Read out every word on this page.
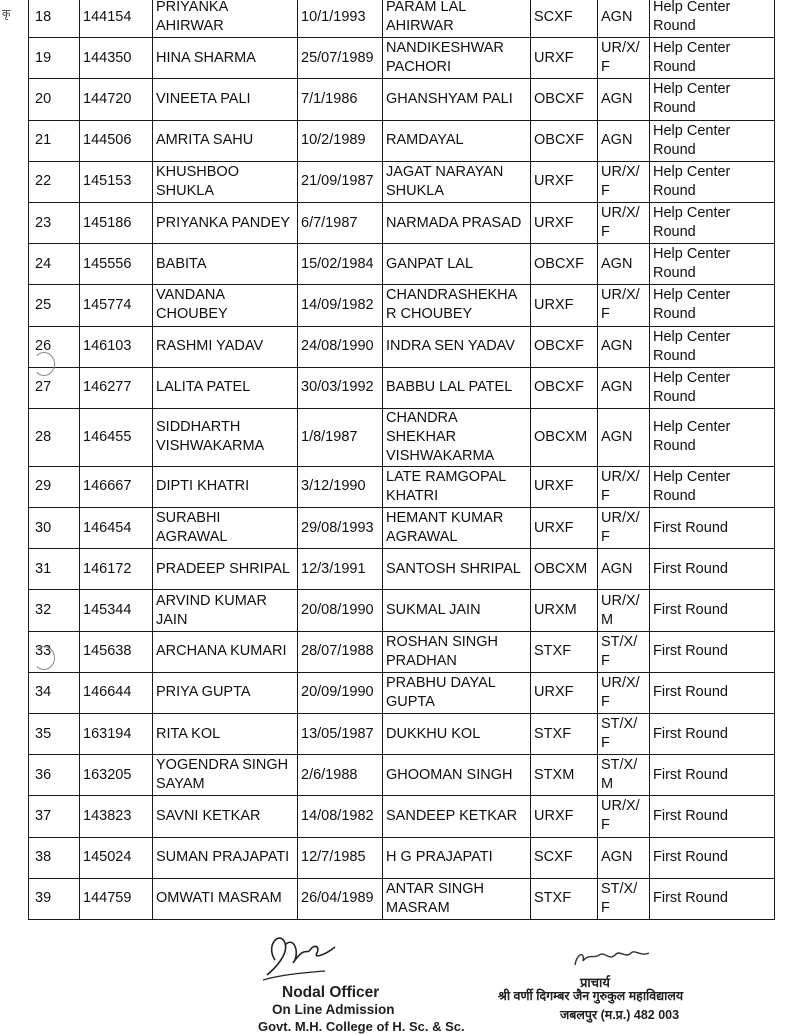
कृ 18	144154	PRIYANKA AHIRWAR	10/1/1993	PARAM LAL AHIRWAR	SCXF	AGN	Help Center Round
19	144350	HINA SHARMA	25/07/1989	NANDIKESHWAR PACHORI	URXF	UR/X/F	Help Center Round
20	144720	VINEETA PALI	7/1/1986	GHANSHYAM PALI	OBCXF	AGN	Help Center Round
21	144506	AMRITA SAHU	10/2/1989	RAMDAYAL	OBCXF	AGN	Help Center Round
22	145153	KHUSHBOO SHUKLA	21/09/1987	JAGAT NARAYAN SHUKLA	URXF	UR/X/F	Help Center Round
23	145186	PRIYANKA PANDEY	6/7/1987	NARMADA PRASAD	URXF	UR/X/F	Help Center Round
24	145556	BABITA	15/02/1984	GANPAT LAL	OBCXF	AGN	Help Center Round
25	145774	VANDANA CHOUBEY	14/09/1982	CHANDRASHEKHAR CHOUBEY	URXF	UR/X/F	Help Center Round
26	146103	RASHMI YADAV	24/08/1990	INDRA SEN YADAV	OBCXF	AGN	Help Center Round
27	146277	LALITA PATEL	30/03/1992	BABBU LAL PATEL	OBCXF	AGN	Help Center Round
28	146455	SIDDHARTH VISHWAKARMA	1/8/1987	CHANDRA SHEKHAR VISHWAKARMA	OBCXM	AGN	Help Center Round
29	146667	DIPTI KHATRI	3/12/1990	LATE RAMGOPAL KHATRI	URXF	UR/X/F	Help Center Round
30	146454	SURABHI AGRAWAL	29/08/1993	HEMANT KUMAR AGRAWAL	URXF	UR/X/F	First Round
31	146172	PRADEEP SHRIPAL	12/3/1991	SANTOSH SHRIPAL	OBCXM	AGN	First Round
32	145344	ARVIND KUMAR JAIN	20/08/1990	SUKMAL JAIN	URXM	UR/X/ M	First Round
33	145638	ARCHANA KUMARI	28/07/1988	ROSHAN SINGH PRADHAN	STXF	ST/X/F	First Round
34	146644	PRIYA GUPTA	20/09/1990	PRABHU DAYAL GUPTA	URXF	UR/X/F	First Round
35	163194	RITA KOL	13/05/1987	DUKKHU KOL	STXF	ST/X/F	First Round
36	163205	YOGENDRA SINGH SAYAM	2/6/1988	GHOOMAN SINGH	STXM	ST/X/ M	First Round
37	143823	SAVNI KETKAR	14/08/1982	SANDEEP KETKAR	URXF	UR/X/F	First Round
38	145024	SUMAN PRAJAPATI	12/7/1985	H G PRAJAPATI	SCXF	AGN	First Round
39	144759	OMWATI MASRAM	26/04/1989	ANTAR SINGH MASRAM	STXF	ST/X/F	First Round
Nodal Officer
On Line Admission
Govt. M.H. College of H. Sc. & Sc.
प्राचार्य
श्री वर्णी दिगम्बर जैन गुरुकुल महाविद्यालय
जबलपुर (म.प्र.) 482 003
